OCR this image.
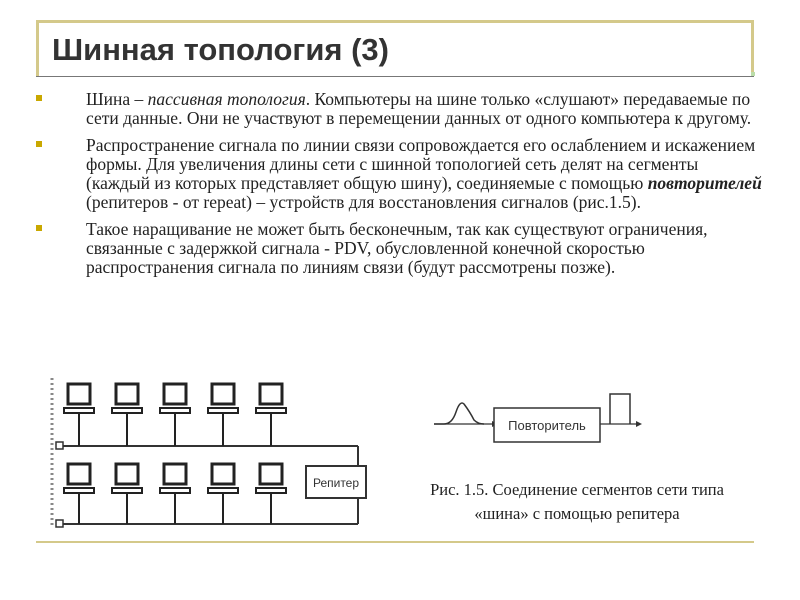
Шинная топология (3)
Шина – пассивная топология. Компьютеры на шине только «слушают» передаваемые по сети данные. Они не участвуют в перемещении данных от одного компьютера к другому.
Распространение сигнала по линии связи сопровождается его ослаблением и искажением формы. Для увеличения длины сети с шинной топологией сеть делят на сегменты (каждый из которых представляет общую шину), соединяемые с помощью повторителей (репитеров - от repeat) – устройств для восстановления сигналов (рис.1.5).
Такое наращивание не может быть бесконечным, так как существуют ограничения, связанные с задержкой сигнала - PDV, обусловленной конечной скоростью распространения сигнала по линиям связи (будут рассмотрены позже).
Репитер
Повторитель
Рис. 1.5. Соединение сегментов сети типа
«шина» с помощью репитера
